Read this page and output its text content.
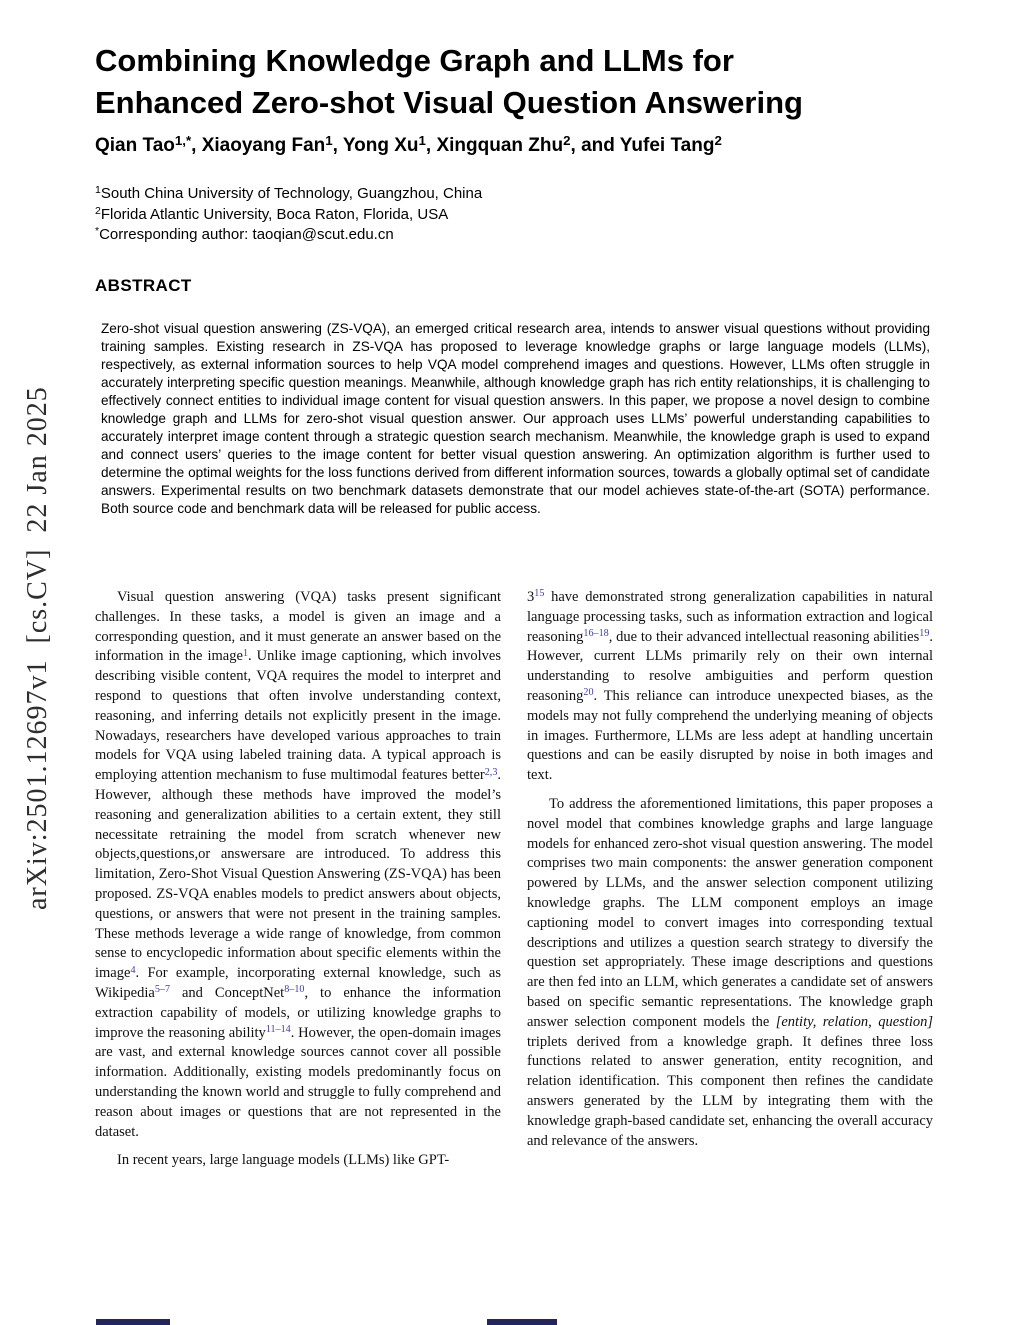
arXiv:2501.12697v1  [cs.CV]  22 Jan 2025
Combining Knowledge Graph and LLMs for
Enhanced Zero-shot Visual Question Answering
Qian Tao$^{1,*}$, Xiaoyang Fan$^1$, Yong Xu$^1$, Xingquan Zhu$^2$, and Yufei Tang$^2$
$^1$South China University of Technology, Guangzhou, China
$^2$Florida Atlantic University, Boca Raton, Florida, USA
*Corresponding author: taoqian@scut.edu.cn
ABSTRACT
Zero-shot visual question answering (ZS-VQA), an emerged critical research area, intends to answer visual questions without providing training samples. Existing research in ZS-VQA has proposed to leverage knowledge graphs or large language models (LLMs), respectively, as external information sources to help VQA model comprehend images and questions. However, LLMs often struggle in accurately interpreting specific question meanings. Meanwhile, although knowledge graph has rich entity relationships, it is challenging to effectively connect entities to individual image content for visual question answers. In this paper, we propose a novel design to combine knowledge graph and LLMs for zero-shot visual question answer. Our approach uses LLMs’ powerful understanding capabilities to accurately interpret image content through a strategic question search mechanism. Meanwhile, the knowledge graph is used to expand and connect users’ queries to the image content for better visual question answering. An optimization algorithm is further used to determine the optimal weights for the loss functions derived from different information sources, towards a globally optimal set of candidate answers. Experimental results on two benchmark datasets demonstrate that our model achieves state-of-the-art (SOTA) performance. Both source code and benchmark data will be released for public access.

Visual question answering (VQA) tasks present significant challenges. In these tasks, a model is given an image and a corresponding question, and it must generate an answer based on the information in the image$^1$. Unlike image captioning, which involves describing visible content, VQA requires the model to interpret and respond to questions that often involve understanding context, reasoning, and inferring details not explicitly present in the image. Nowadays, researchers have developed various approaches to train models for VQA using labeled training data. A typical approach is employing attention mechanism to fuse multimodal features better$^{2,3}$. However, although these methods have improved the model’s reasoning and generalization abilities to a certain extent, they still necessitate retraining the model from scratch whenever new objects,questions,or answersare are introduced. To address this limitation, Zero-Shot Visual Question Answering (ZS-VQA) has been proposed. ZS-VQA enables models to predict answers about objects, questions, or answers that were not present in the training samples. These methods leverage a wide range of knowledge, from common sense to encyclopedic information about specific elements within the image$^4$. For example, incorporating external knowledge, such as Wikipedia$^{5-7}$ and ConceptNet$^{8-10}$, to enhance the information extraction capability of models, or utilizing knowledge graphs to improve the reasoning ability$^{11-14}$. However, the open-domain images are vast, and external knowledge sources cannot cover all possible information. Additionally, existing models predominantly focus on understanding the known world and struggle to fully comprehend and reason about images or questions that are not represented in the dataset.

In recent years, large language models (LLMs) like GPT-

3$^{15}$ have demonstrated strong generalization capabilities in natural language processing tasks, such as information extraction and logical reasoning$^{16-18}$, due to their advanced intellectual reasoning abilities$^{19}$. However, current LLMs primarily rely on their own internal understanding to resolve ambiguities and perform question reasoning$^{20}$. This reliance can introduce unexpected biases, as the models may not fully comprehend the underlying meaning of objects in images. Furthermore, LLMs are less adept at handling uncertain questions and can be easily disrupted by noise in both images and text.

To address the aforementioned limitations, this paper proposes a novel model that combines knowledge graphs and large language models for enhanced zero-shot visual question answering. The model comprises two main components: the answer generation component powered by LLMs, and the answer selection component utilizing knowledge graphs. The LLM component employs an image captioning model to convert images into corresponding textual descriptions and utilizes a question search strategy to diversify the question set appropriately. These image descriptions and questions are then fed into an LLM, which generates a candidate set of answers based on specific semantic representations. The knowledge graph answer selection component models the [entity, relation, question] triplets derived from a knowledge graph. It defines three loss functions related to answer generation, entity recognition, and relation identification. This component then refines the candidate answers generated by the LLM by integrating them with the knowledge graph-based candidate set, enhancing the overall accuracy and relevance of the answers.
